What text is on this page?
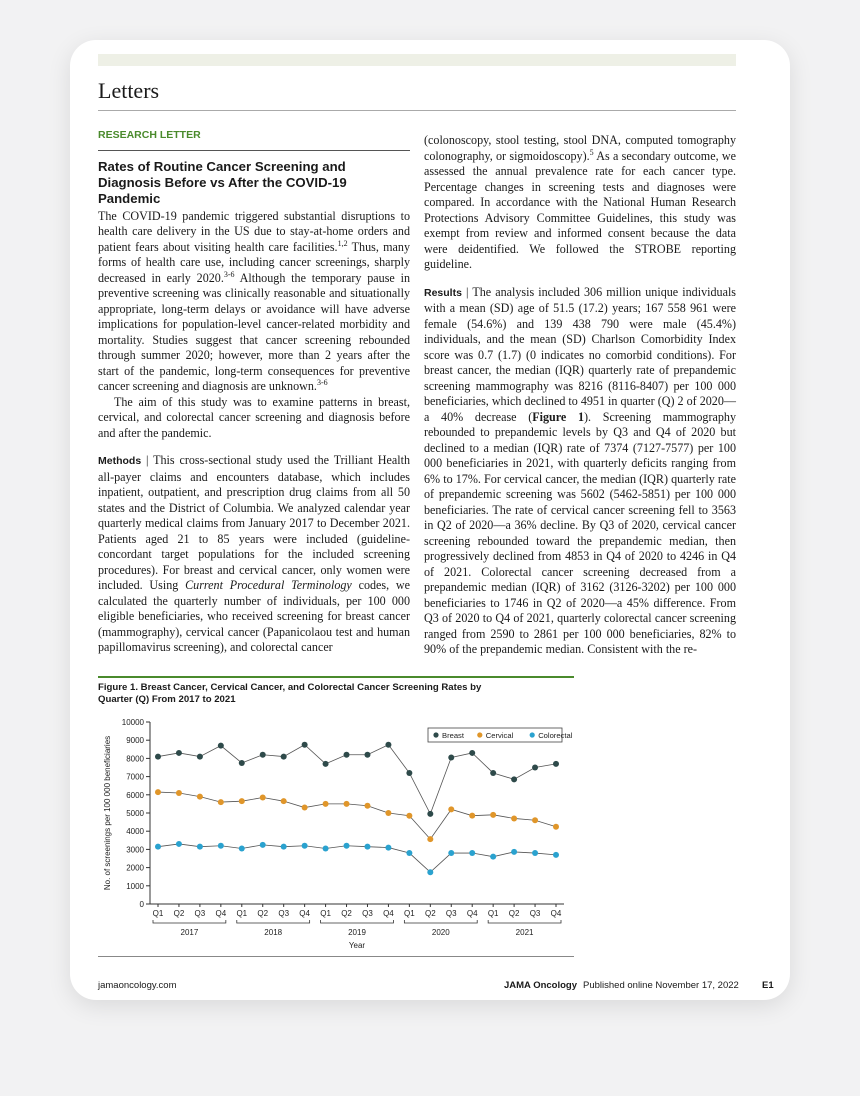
Letters
RESEARCH LETTER
Rates of Routine Cancer Screening and Diagnosis Before vs After the COVID-19 Pandemic

The COVID-19 pandemic triggered substantial disruptions to health care delivery in the US due to stay-at-home orders and patient fears about visiting health care facilities.$^{1,2}$ Thus, many forms of health care use, including cancer screenings, sharply decreased in early 2020.$^{3-6}$ Although the temporary pause in preventive screening was clinically reasonable and situationally appropriate, long-term delays or avoidance will have adverse implications for population-level cancer-related morbidity and mortality. Studies suggest that cancer screening rebounded through summer 2020; however, more than 2 years after the start of the pandemic, long-term consequences for preventive cancer screening and diagnosis are unknown.$^{3-6}$

The aim of this study was to examine patterns in breast, cervical, and colorectal cancer screening and diagnosis before and after the pandemic.

Methods | This cross-sectional study used the Trilliant Health all-payer claims and encounters database, which includes inpatient, outpatient, and prescription drug claims from all 50 states and the District of Columbia. We analyzed calendar year quarterly medical claims from January 2017 to December 2021. Patients aged 21 to 85 years were included (guideline-concordant target populations for the included screening procedures). For breast and cervical cancer, only women were included. Using Current Procedural Terminology codes, we calculated the quarterly number of individuals, per 100 000 eligible beneficiaries, who received screening for breast cancer (mammography), cervical cancer (Papanicolaou test and human papillomavirus screening), and colorectal cancer

(colonoscopy, stool testing, stool DNA, computed tomography colonography, or sigmoidoscopy).$^5$ As a secondary outcome, we assessed the annual prevalence rate for each cancer type. Percentage changes in screening tests and diagnoses were compared. In accordance with the National Human Research Protections Advisory Committee Guidelines, this study was exempt from review and informed consent because the data were deidentified. We followed the STROBE reporting guideline.

Results | The analysis included 306 million unique individuals with a mean (SD) age of 51.5 (17.2) years; 167 558 961 were female (54.6%) and 139 438 790 were male (45.4%) individuals, and the mean (SD) Charlson Comorbidity Index score was 0.7 (1.7) (0 indicates no comorbid conditions). For breast cancer, the median (IQR) quarterly rate of prepandemic screening mammography was 8216 (8116-8407) per 100 000 beneficiaries, which declined to 4951 in quarter (Q) 2 of 2020—a 40% decrease (Figure 1). Screening mammography rebounded to prepandemic levels by Q3 and Q4 of 2020 but declined to a median (IQR) rate of 7374 (7127-7577) per 100 000 beneficiaries in 2021, with quarterly deficits ranging from 6% to 17%. For cervical cancer, the median (IQR) quarterly rate of prepandemic screening was 5602 (5462-5851) per 100 000 beneficiaries. The rate of cervical cancer screening fell to 3563 in Q2 of 2020—a 36% decline. By Q3 of 2020, cervical cancer screening rebounded toward the prepandemic median, then progressively declined from 4853 in Q4 of 2020 to 4246 in Q4 of 2021. Colorectal cancer screening decreased from a prepandemic median (IQR) of 3162 (3126-3202) per 100 000 beneficiaries to 1746 in Q2 of 2020—a 45% difference. From Q3 of 2020 to Q4 of 2021, quarterly colorectal cancer screening ranged from 2590 to 2861 per 100 000 beneficiaries, 82% to 90% of the prepandemic median. Consistent with the re-

Figure 1. Breast Cancer, Cervical Cancer, and Colorectal Cancer Screening Rates by Quarter (Q) From 2017 to 2021
0
1000
2000
3000
4000
5000
6000
7000
8000
9000
10000
No. of screenings per 100 000 beneficiaries
Q1 Q2 Q3 Q4 Q1 Q2 Q3 Q4 Q1 Q2 Q3 Q4 Q1 Q2 Q3 Q4 Q1 Q2 Q3 Q4
2017	2018	2019	2020	2021
Year
Breast	Cervical	Colorectal
jamaoncology.com	JAMA Oncology Published online November 17, 2022 E1
